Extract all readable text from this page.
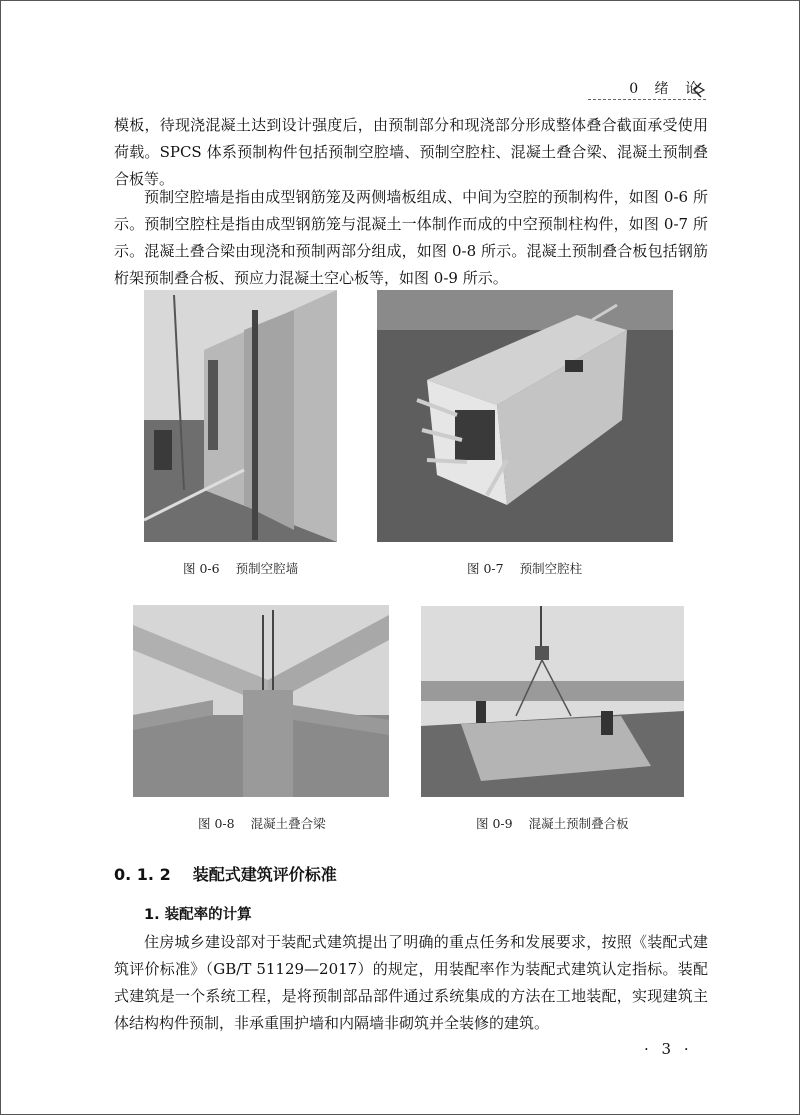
0 绪 论

模板，待现浇混凝土达到设计强度后，由预制部分和现浇部分形成整体叠合截面承受使用荷载。SPCS 体系预制构件包括预制空腔墙、预制空腔柱、混凝土叠合梁、混凝土预制叠合板等。

预制空腔墙是指由成型钢筋笼及两侧墙板组成、中间为空腔的预制构件，如图 0-6 所示。预制空腔柱是指由成型钢筋笼与混凝土一体制作而成的中空预制柱构件，如图 0-7 所示。混凝土叠合梁由现浇和预制两部分组成，如图 0-8 所示。混凝土预制叠合板包括钢筋桁架预制叠合板、预应力混凝土空心板等，如图 0-9 所示。

图 0-6 预制空腔墙	图 0-7 预制空腔柱
图 0-8 混凝土叠合梁	图 0-9 混凝土预制叠合板
0. 1. 2 装配式建筑评价标准
1. 装配率的计算

住房城乡建设部对于装配式建筑提出了明确的重点任务和发展要求，按照《装配式建筑评价标准》（GB/T 51129—2017）的规定，用装配率作为装配式建筑认定指标。装配式建筑是一个系统工程，是将预制部品部件通过系统集成的方法在工地装配，实现建筑主体结构构件预制，非承重围护墙和内隔墙非砌筑并全装修的建筑。

· 3 ·
